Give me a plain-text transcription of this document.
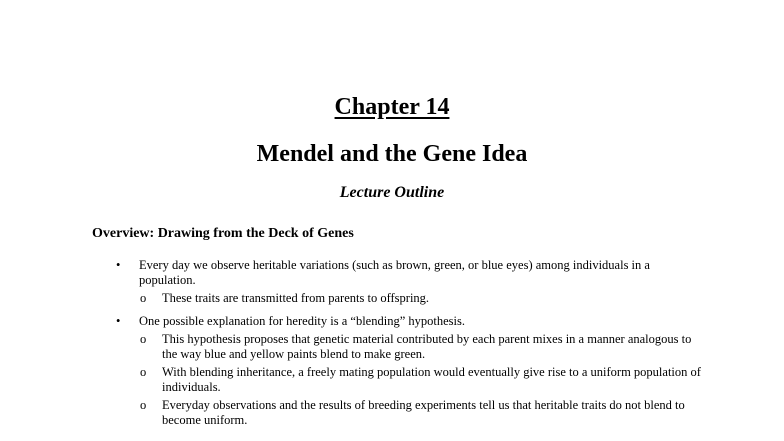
Chapter 14
Mendel and the Gene Idea
Lecture Outline
Overview: Drawing from the Deck of Genes
• Every day we observe heritable variations (such as brown, green, or blue eyes) among individuals in a population.
o These traits are transmitted from parents to offspring.
• One possible explanation for heredity is a “blending” hypothesis.
o This hypothesis proposes that genetic material contributed by each parent mixes in a manner analogous to the way blue and yellow paints blend to make green.
o With blending inheritance, a freely mating population would eventually give rise to a uniform population of individuals.
o Everyday observations and the results of breeding experiments tell us that heritable traits do not blend to become uniform.
